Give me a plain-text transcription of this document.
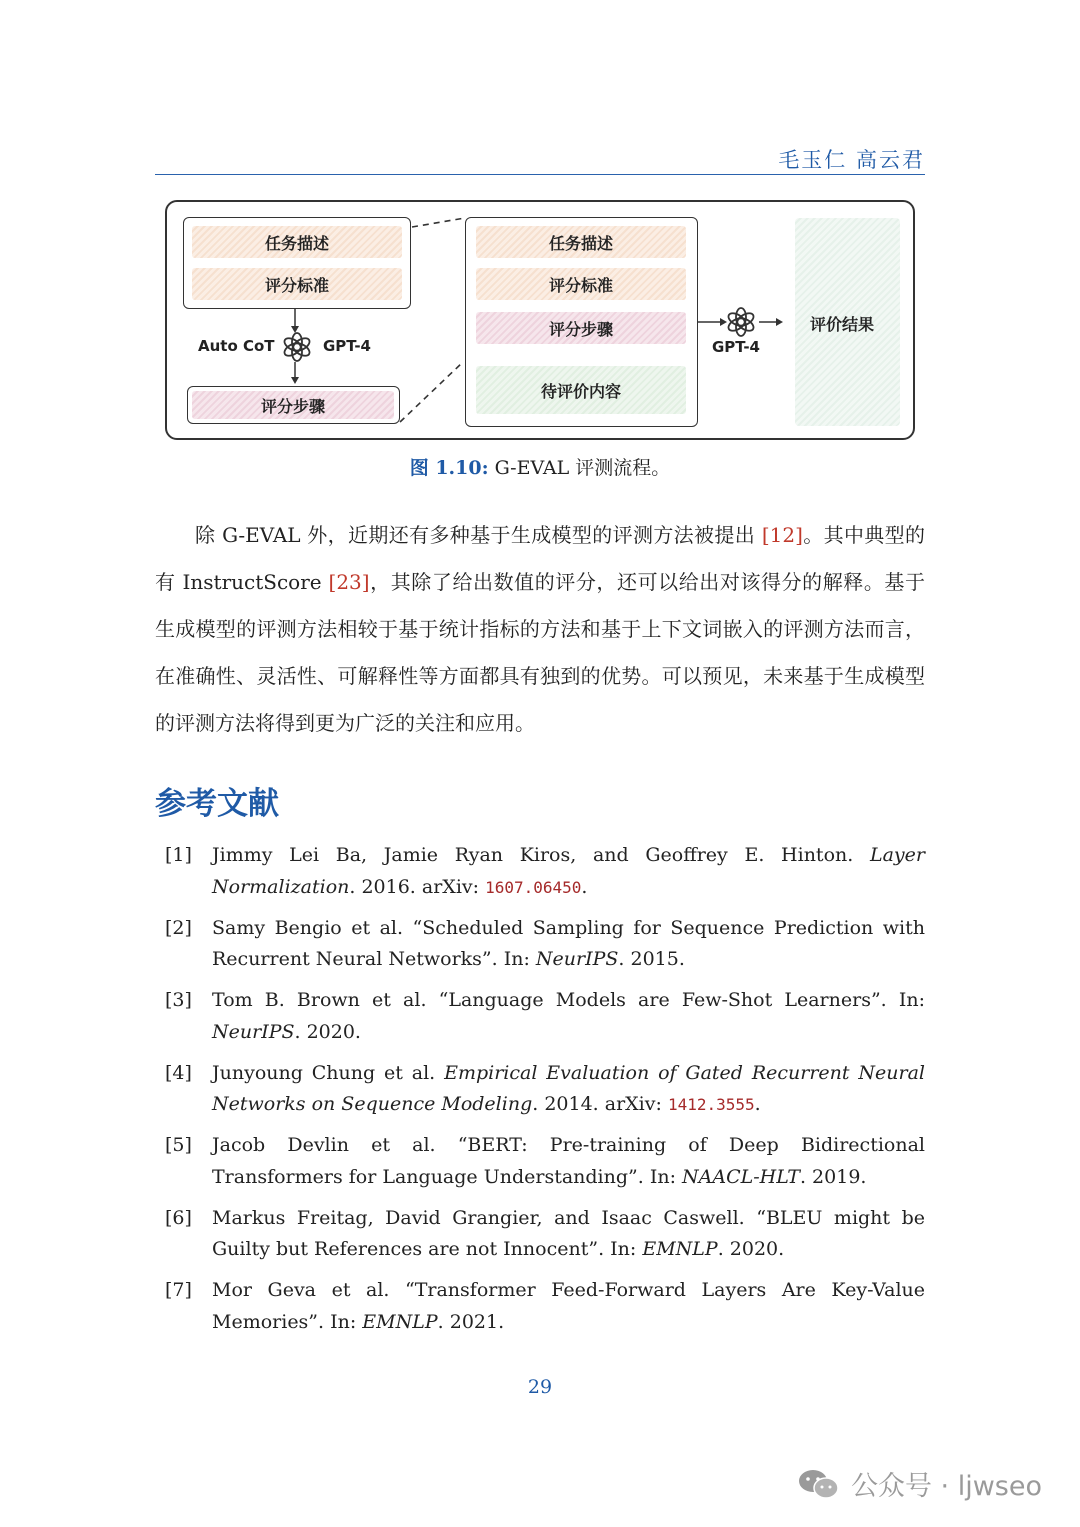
毛玉仁 高云君
任务描述
评分标准
Auto CoT	GPT-4
评分步骤
任务描述
评分标准
评分步骤
待评价内容
GPT-4
评价结果
图 1.10: G-EVAL 评测流程。
除 G-EVAL 外，近期还有多种基于生成模型的评测方法被提出 [12]。其中典型的有 InstructScore [23]，其除了给出数值的评分，还可以给出对该得分的解释。基于生成模型的评测方法相较于基于统计指标的方法和基于上下文词嵌入的评测方法而言，在准确性、灵活性、可解释性等方面都具有独到的优势。可以预见，未来基于生成模型的评测方法将得到更为广泛的关注和应用。
参考文献
[1] Jimmy Lei Ba, Jamie Ryan Kiros, and Geoffrey E. Hinton. Layer Normalization. 2016. arXiv: 1607.06450.
[2] Samy Bengio et al. “Scheduled Sampling for Sequence Prediction with Recurrent Neural Networks”. In: NeurIPS. 2015.
[3] Tom B. Brown et al. “Language Models are Few-Shot Learners”. In: NeurIPS. 2020.
[4] Junyoung Chung et al. Empirical Evaluation of Gated Recurrent Neural Networks on Sequence Modeling. 2014. arXiv: 1412.3555.
[5] Jacob Devlin et al. “BERT: Pre-training of Deep Bidirectional Transformers for Language Understanding”. In: NAACL-HLT. 2019.
[6] Markus Freitag, David Grangier, and Isaac Caswell. “BLEU might be Guilty but References are not Innocent”. In: EMNLP. 2020.
[7] Mor Geva et al. “Transformer Feed-Forward Layers Are Key-Value Memories”. In: EMNLP. 2021.
29
公众号 · ljwseo
